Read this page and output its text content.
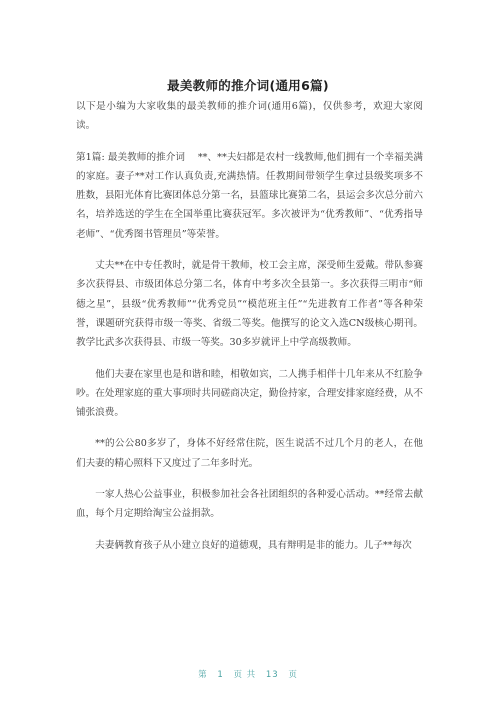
最美教师的推介词(通用6篇)

以下是小编为大家收集的最美教师的推介词(通用6篇)，仅供参考，欢迎大家阅读。

第1篇: 最美教师的推介词　 **、**夫妇都是农村一线教师,他们拥有一个幸福美满的家庭。妻子**对工作认真负责,充满热情。任教期间带领学生拿过县级奖项多不胜数，县阳光体育比赛团体总分第一名，县篮球比赛第二名，县运会多次总分前六名，培养选送的学生在全国举重比赛获冠军。多次被评为“优秀教师”、“优秀指导老师”、“优秀图书管理员”等荣誉。

丈夫**在中专任教时，就是骨干教师，校工会主席，深受师生爱戴。带队参赛多次获得县、市级团体总分第二名，体育中考多次全县第一。多次获得三明市“师德之星”，县级“优秀教师”“优秀党员”“模范班主任”“先进教育工作者”等各种荣誉，课题研究获得市级一等奖、省级二等奖。他撰写的论文入选CN级核心期刊。教学比武多次获得县、市级一等奖。30多岁就评上中学高级教师。

他们夫妻在家里也是和谐和睦，相敬如宾，二人携手相伴十几年来从不红脸争吵。在处理家庭的重大事项时共同磋商决定，勤俭持家，合理安排家庭经费，从不铺张浪费。

**的公公80多岁了，身体不好经常住院，医生说活不过几个月的老人，在他们夫妻的精心照料下又度过了二年多时光。

一家人热心公益事业，积极参加社会各社团组织的各种爱心活动。**经常去献血，每个月定期给淘宝公益捐款。

夫妻俩教育孩子从小建立良好的道德观，具有辩明是非的能力。儿子**每次

第 1 页 共 13 页
